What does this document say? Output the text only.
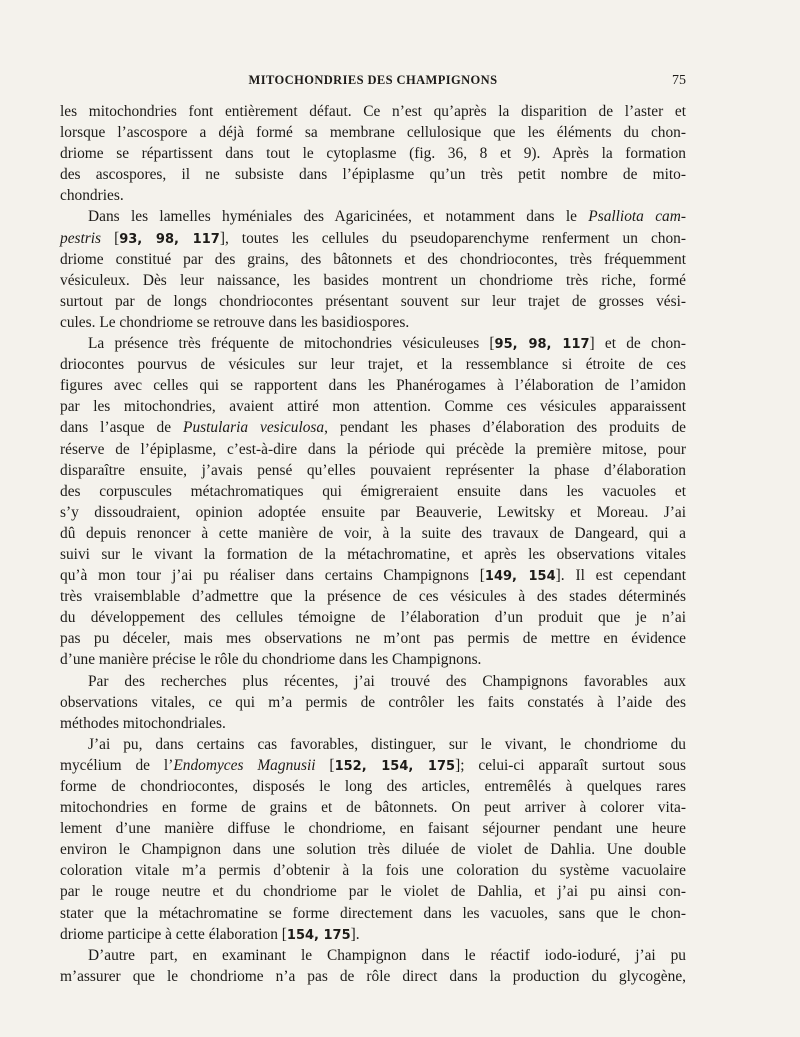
MITOCHONDRIES DES CHAMPIGNONS	75
les mitochondries font entièrement défaut. Ce n’est qu’après la disparition de l’aster et
lorsque l’ascospore a déjà formé sa membrane cellulosique que les éléments du chon-
driome se répartissent dans tout le cytoplasme (fig. 36, 8 et 9). Après la formation
des ascospores, il ne subsiste dans l’épiplasme qu’un très petit nombre de mito-
chondries.
Dans les lamelles hyméniales des Agaricinées, et notamment dans le Psalliota cam-
pestris [93, 98, 117], toutes les cellules du pseudoparenchyme renferment un chon-
driome constitué par des grains, des bâtonnets et des chondriocontes, très fréquemment
vésiculeux. Dès leur naissance, les basides montrent un chondriome très riche, formé
surtout par de longs chondriocontes présentant souvent sur leur trajet de grosses vési-
cules. Le chondriome se retrouve dans les basidiospores.
La présence très fréquente de mitochondries vésiculeuses [95, 98, 117] et de chon-
driocontes pourvus de vésicules sur leur trajet, et la ressemblance si étroite de ces
figures avec celles qui se rapportent dans les Phanérogames à l’élaboration de l’amidon
par les mitochondries, avaient attiré mon attention. Comme ces vésicules apparaissent
dans l’asque de Pustularia vesiculosa, pendant les phases d’élaboration des produits de
réserve de l’épiplasme, c’est-à-dire dans la période qui précède la première mitose, pour
disparaître ensuite, j’avais pensé qu’elles pouvaient représenter la phase d’élaboration
des corpuscules métachromatiques qui émigreraient ensuite dans les vacuoles et
s’y dissoudraient, opinion adoptée ensuite par Beauverie, Lewitsky et Moreau. J’ai
dû depuis renoncer à cette manière de voir, à la suite des travaux de Dangeard, qui a
suivi sur le vivant la formation de la métachromatine, et après les observations vitales
qu’à mon tour j’ai pu réaliser dans certains Champignons [149, 154]. Il est cependant
très vraisemblable d’admettre que la présence de ces vésicules à des stades déterminés
du développement des cellules témoigne de l’élaboration d’un produit que je n’ai
pas pu déceler, mais mes observations ne m’ont pas permis de mettre en évidence
d’une manière précise le rôle du chondriome dans les Champignons.
Par des recherches plus récentes, j’ai trouvé des Champignons favorables aux
observations vitales, ce qui m’a permis de contrôler les faits constatés à l’aide des
méthodes mitochondriales.
J’ai pu, dans certains cas favorables, distinguer, sur le vivant, le chondriome du
mycélium de l’Endomyces Magnusii [152, 154, 175]; celui-ci apparaît surtout sous
forme de chondriocontes, disposés le long des articles, entremêlés à quelques rares
mitochondries en forme de grains et de bâtonnets. On peut arriver à colorer vita-
lement d’une manière diffuse le chondriome, en faisant séjourner pendant une heure
environ le Champignon dans une solution très diluée de violet de Dahlia. Une double
coloration vitale m’a permis d’obtenir à la fois une coloration du système vacuolaire
par le rouge neutre et du chondriome par le violet de Dahlia, et j’ai pu ainsi con-
stater que la métachromatine se forme directement dans les vacuoles, sans que le chon-
driome participe à cette élaboration [154, 175].
D’autre part, en examinant le Champignon dans le réactif iodo-ioduré, j’ai pu
m’assurer que le chondriome n’a pas de rôle direct dans la production du glycogène,
